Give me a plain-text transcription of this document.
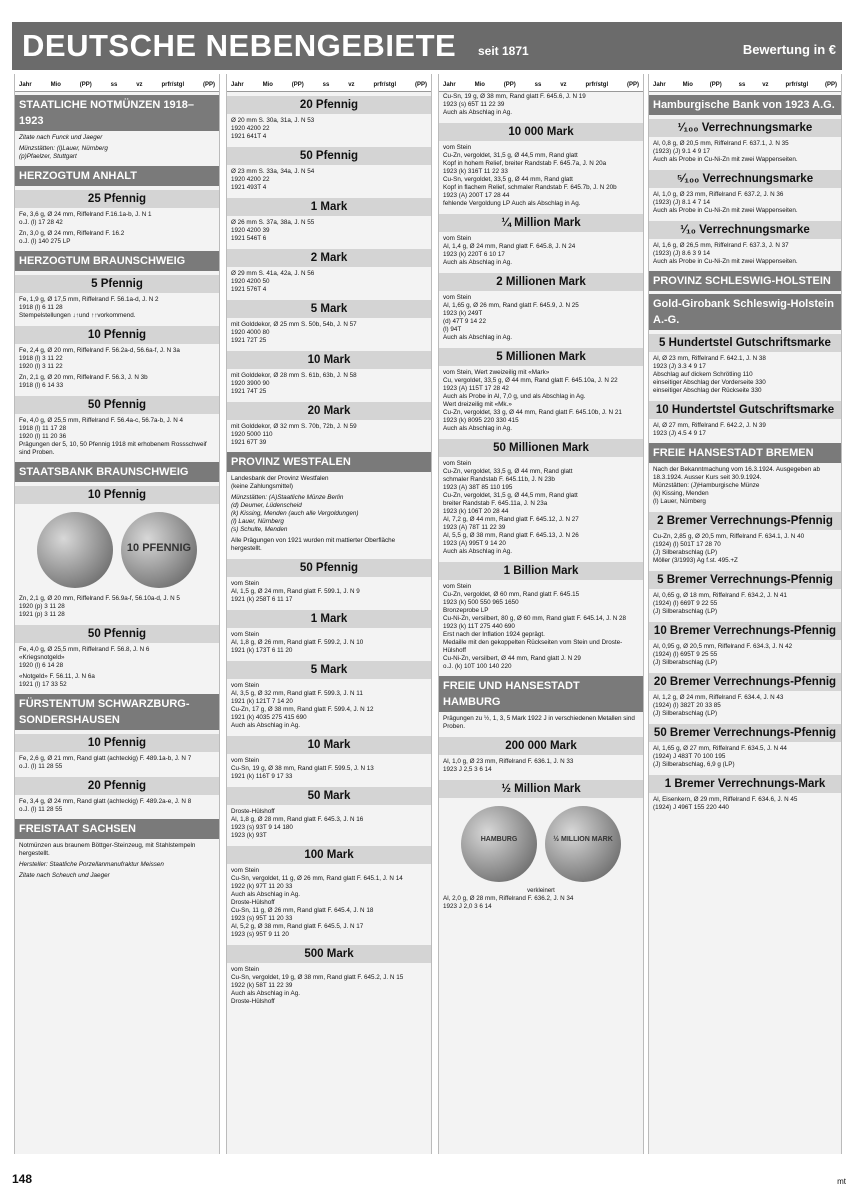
DEUTSCHE NEBENGEBIETE seit 1871	Bewertung in €
Jahr	Mio	(PP)	ss	vz	prfr/stgl	(PP)
STAATLICHE NOTMÜNZEN 1918–1923
Zitate nach Funck und Jaeger
Münzstätten: (l)Lauer, Nürnberg
(p)Pfaelzer, Stuttgart
HERZOGTUM ANHALT
25 Pfennig
Fe, 3,6 g, Ø 24 mm, Riffelrand F.16.1a-b, J. N 1
o.J. (l) 17 28 42
Zn, 3,0 g, Ø 24 mm, Riffelrand F. 16.2
o.J. (l) 140 275 LP
HERZOGTUM BRAUNSCHWEIG
5 Pfennig
Fe, 1,9 g, Ø 17,5 mm, Riffelrand F. 56.1a-d, J. N 2
1918 (l) 6 11 28
Stempelstellungen ↓↑und ↑↑vorkommend.
10 Pfennig
Fe, 2,4 g, Ø 20 mm, Riffelrand F. 56.2a-d, 56.6a-f, J. N 3a
1918 (l) 3 11 22
1920 (l) 3 11 22
Zn, 2,1 g, Ø 20 mm, Riffelrand F. 56.3, J. N 3b
1918 (l) 6 14 33
50 Pfennig
Fe, 4,0 g, Ø 25,5 mm, Riffelrand F. 56.4a-c, 56.7a-b, J. N 4
1918 (l) 11 17 28
1920 (l) 11 20 36
Prägungen der 5, 10, 50 Pfennig 1918 mit erhobenem Rossschweif sind Proben.
STAATSBANK BRAUNSCHWEIG
10 Pfennig
10 PFENNIG
Zn, 2,1 g, Ø 20 mm, Riffelrand F. 56.9a-f, 56.10a-d, J. N 5
1920 (p) 3 11 28
1921 (p) 3 11 28
50 Pfennig
Fe, 4,0 g, Ø 25,5 mm, Riffelrand F. 56.8, J. N 6
«Kriegsnotgeld»
1920 (l) 6 14 28
«Notgeld» F. 56.11, J. N 6a
1921 (l) 17 33 52
FÜRSTENTUM SCHWARZBURG-SONDERSHAUSEN
10 Pfennig
Fe, 2,6 g, Ø 21 mm, Rand glatt (achteckig) F. 489.1a-b, J. N 7
o.J. (l) 11 28 55
20 Pfennig
Fe, 3,4 g, Ø 24 mm, Rand glatt (achteckig) F. 489.2a-e, J. N 8
o.J. (l) 11 28 55
FREISTAAT SACHSEN
Notmünzen aus braunem Böttger-Steinzeug, mit Stahlstempeln hergestellt.
Hersteller: Staatliche Porzellanmanufraktur Meissen
Zitate nach Scheuch und Jaeger
Jahr	Mio	(PP)	ss	vz	prfr/stgl	(PP)
20 Pfennig
Ø 20 mm S. 30a, 31a, J. N 53
1920 4200 22
1921 641T 4
50 Pfennig
Ø 23 mm S. 33a, 34a, J. N 54
1920 4200 22
1921 493T 4
1 Mark
Ø 26 mm S. 37a, 38a, J. N 55
1920 4200 39
1921 546T 6
2 Mark
Ø 29 mm S. 41a, 42a, J. N 56
1920 4200 50
1921 576T 4
5 Mark
mit Golddekor, Ø 25 mm S. 50b, 54b, J. N 57
1920 4000 80
1921 72T 25
10 Mark
mit Golddekor, Ø 28 mm S. 61b, 63b, J. N 58
1920 3900 90
1921 74T 25
20 Mark
mit Golddekor, Ø 32 mm S. 70b, 72b, J. N 59
1920 5000 110
1921 67T 39
PROVINZ WESTFALEN
Landesbank der Provinz Westfalen
(keine Zahlungsmittel)
Münzstätten: (A)Staatliche Münze Berlin
(d) Deumer, Lüdenscheid
(k) Kissing, Menden (auch alle Vergoldungen)
(l) Lauer, Nürnberg
(s) Schulte, Menden
Alle Prägungen von 1921 wurden mit mattierter Oberfläche hergestellt.
50 Pfennig
vom Stein
Al, 1,5 g, Ø 24 mm, Rand glatt F. 599.1, J. N 9
1921 (k) 258T 6 11 17
1 Mark
vom Stein
Al, 1,8 g, Ø 26 mm, Rand glatt F. 599.2, J. N 10
1921 (k) 173T 6 11 20
5 Mark
vom Stein
Al, 3,5 g, Ø 32 mm, Rand glatt F. 599.3, J. N 11
1921 (k) 121T 7 14 20
Cu-Zn, 17 g, Ø 38 mm, Rand glatt F. 599.4, J. N 12
1921 (k) 4035 275 415 690
Auch als Abschlag in Ag.
10 Mark
vom Stein
Cu-Sn, 19 g, Ø 38 mm, Rand glatt F. 599.5, J. N 13
1921 (k) 116T 9 17 33
50 Mark
Droste-Hülshoff
Al, 1,8 g, Ø 28 mm, Rand glatt F. 645.3, J. N 16
1923 (s) 93T 9 14 180
1923 (k) 93T
100 Mark
vom Stein
Cu-Sn, vergoldet, 11 g, Ø 26 mm, Rand glatt F. 645.1, J. N 14
1922 (k) 97T 11 20 33
Auch als Abschlag in Ag.
Droste-Hülshoff
Cu-Sn, 11 g, Ø 26 mm, Rand glatt F. 645.4, J. N 18
1923 (s) 95T 11 20 33
Al, 5,2 g, Ø 38 mm, Rand glatt F. 645.5, J. N 17
1923 (s) 95T 9 11 20
500 Mark
vom Stein
Cu-Sn, vergoldet, 19 g, Ø 38 mm, Rand glatt F. 645.2, J. N 15
1922 (k) 58T 11 22 39
Auch als Abschlag in Ag.
Droste-Hülshoff
Jahr	Mio	(PP)	ss	vz	prfr/stgl	(PP)
Cu-Sn, 19 g, Ø 38 mm, Rand glatt F. 645.6, J. N 19
1923 (s) 65T 11 22 39
Auch als Abschlag in Ag.
10 000 Mark
vom Stein
Cu-Zn, vergoldet, 31,5 g, Ø 44,5 mm, Rand glatt
Kopf in hohem Relief, breiter Randstab F. 645.7a, J. N 20a
1923 (k) 316T 11 22 33
Cu-Sn, vergoldet, 33,5 g, Ø 44 mm, Rand glatt
Kopf in flachem Relief, schmaler Randstab F. 645.7b, J. N 20b
1923 (A) 200T 17 28 44
fehlende Vergoldung LP Auch als Abschlag in Ag.
¼ Million Mark
vom Stein
Al, 1,4 g, Ø 24 mm, Rand glatt F. 645.8, J. N 24
1923 (k) 220T 6 10 17
Auch als Abschlag in Ag.
2 Millionen Mark
vom Stein
Al, 1,65 g, Ø 26 mm, Rand glatt F. 645.9, J. N 25
1923 (k) 249T
(d) 47T 9 14 22
(l) 94T
Auch als Abschlag in Ag.
5 Millionen Mark
vom Stein, Wert zweizeilig mit «Mark»
Cu, vergoldet, 33,5 g, Ø 44 mm, Rand glatt F. 645.10a, J. N 22
1923 (A) 115T 17 28 42
Auch als Probe in Al, 7,0 g, und als Abschlag in Ag.
Wert dreizeilig mit «Mk.»
Cu-Zn, vergoldet, 33 g, Ø 44 mm, Rand glatt F. 645.10b, J. N 21
1923 (k) 8095 220 330 415
Auch als Abschlag in Ag.
50 Millionen Mark
vom Stein
Cu-Zn, vergoldet, 33,5 g, Ø 44 mm, Rand glatt
schmaler Randstab F. 645.11b, J. N 23b
1923 (A) 38T 85 110 195
Cu-Zn, vergoldet, 31,5 g, Ø 44,5 mm, Rand glatt
breiter Randstab F. 645.11a, J. N 23a
1923 (k) 106T 20 28 44
Al, 7,2 g, Ø 44 mm, Rand glatt F. 645.12, J. N 27
1923 (A) 78T 11 22 39
Al, 5,5 g, Ø 38 mm, Rand glatt F. 645.13, J. N 26
1923 (A) 995T 9 14 20
Auch als Abschlag in Ag.
1 Billion Mark
vom Stein
Cu-Zn, vergoldet, Ø 60 mm, Rand glatt F. 645.15
1923 (k) 500 550 965 1650
Bronzeprobe LP
Cu-Ni-Zn, versilbert, 80 g, Ø 60 mm, Rand glatt F. 645.14, J. N 28
1923 (k) 11T 275 440 690
Erst nach der Inflation 1924 geprägt.
Medaille mit den gekoppelten Rückseiten vom Stein und Droste-Hülshoff
Cu-Ni-Zn, versilbert, Ø 44 mm, Rand glatt J. N 29
o.J. (k) 10T 100 140 220
FREIE UND HANSESTADT HAMBURG
Prägungen zu ½, 1, 3, 5 Mark 1922 J in verschiedenen Metallen sind Proben.
200 000 Mark
Al, 1,0 g, Ø 23 mm, Riffelrand F. 636.1, J. N 33
1923 J 2,5 3 6 14
½ Million Mark
HAMBURG	½ MILLION MARK
verkleinert
Al, 2,0 g, Ø 28 mm, Riffelrand F. 636.2, J. N 34
1923 J 2,0 3 6 14
Jahr	Mio	(PP)	ss	vz	prfr/stgl	(PP)
Hamburgische Bank von 1923 A.G.
¹⁄₁₀₀ Verrechnungsmarke
Al, 0,8 g, Ø 20,5 mm, Riffelrand F. 637.1, J. N 35
(1923) (J) 9.1 4 9 17
Auch als Probe in Cu-Ni-Zn mit zwei Wappenseiten.
⁵⁄₁₀₀ Verrechnungsmarke
Al, 1,0 g, Ø 23 mm, Riffelrand F. 637.2, J. N 36
(1923) (J) 8.1 4 7 14
Auch als Probe in Cu-Ni-Zn mit zwei Wappenseiten.
¹⁄₁₀ Verrechnungsmarke
Al, 1,6 g, Ø 26,5 mm, Riffelrand F. 637.3, J. N 37
(1923) (J) 8.6 3 9 14
Auch als Probe in Cu-Ni-Zn mit zwei Wappenseiten.
PROVINZ SCHLESWIG-HOLSTEIN
Gold-Girobank Schleswig-Holstein A.-G.
5 Hundertstel Gutschriftsmarke
Al, Ø 23 mm, Riffelrand F. 642.1, J. N 38
1923 (J) 3.3 4 9 17
Abschlag auf dickem Schrötling 110
einseitiger Abschlag der Vorderseite 330
einseitiger Abschlag der Rückseite 330
10 Hundertstel Gutschriftsmarke
Al, Ø 27 mm, Riffelrand F. 642.2, J. N 39
1923 (J) 4.5 4 9 17
FREIE HANSESTADT BREMEN
Nach der Bekanntmachung vom 16.3.1924. Ausgegeben ab 18.3.1924. Ausser Kurs seit 30.9.1924.
Münzstätten: (J)Hamburgische Münze
(k) Kissing, Menden
(l) Lauer, Nürnberg
2 Bremer Verrechnungs-Pfennig
Cu-Zn, 2,85 g, Ø 20,5 mm, Riffelrand F. 634.1, J. N 40
(1924) (l) 501T 17 28 70
(J) Silberabschlag (LP)
Möller (3/1993) Ag f.st. 495.+Z
5 Bremer Verrechnungs-Pfennig
Al, 0,65 g, Ø 18 mm, Riffelrand F. 634.2, J. N 41
(1924) (l) 669T 9 22 55
(J) Silberabschlag (LP)
10 Bremer Verrechnungs-Pfennig
Al, 0,95 g, Ø 20,5 mm, Riffelrand F. 634.3, J. N 42
(1924) (l) 695T 9 25 55
(J) Silberabschlag (LP)
20 Bremer Verrechnungs-Pfennig
Al, 1,2 g, Ø 24 mm, Riffelrand F. 634.4, J. N 43
(1924) (l) 382T 20 33 85
(J) Silberabschlag (LP)
50 Bremer Verrechnungs-Pfennig
Al, 1,65 g, Ø 27 mm, Riffelrand F. 634.5, J. N 44
(1924) J 483T 70 100 195
(J) Silberabschlag, 6,9 g (LP)
1 Bremer Verrechnungs-Mark
Al, Eisenkern, Ø 29 mm, Riffelrand F. 634.6, J. N 45
(1924) J 496T 155 220 440
148	mt
